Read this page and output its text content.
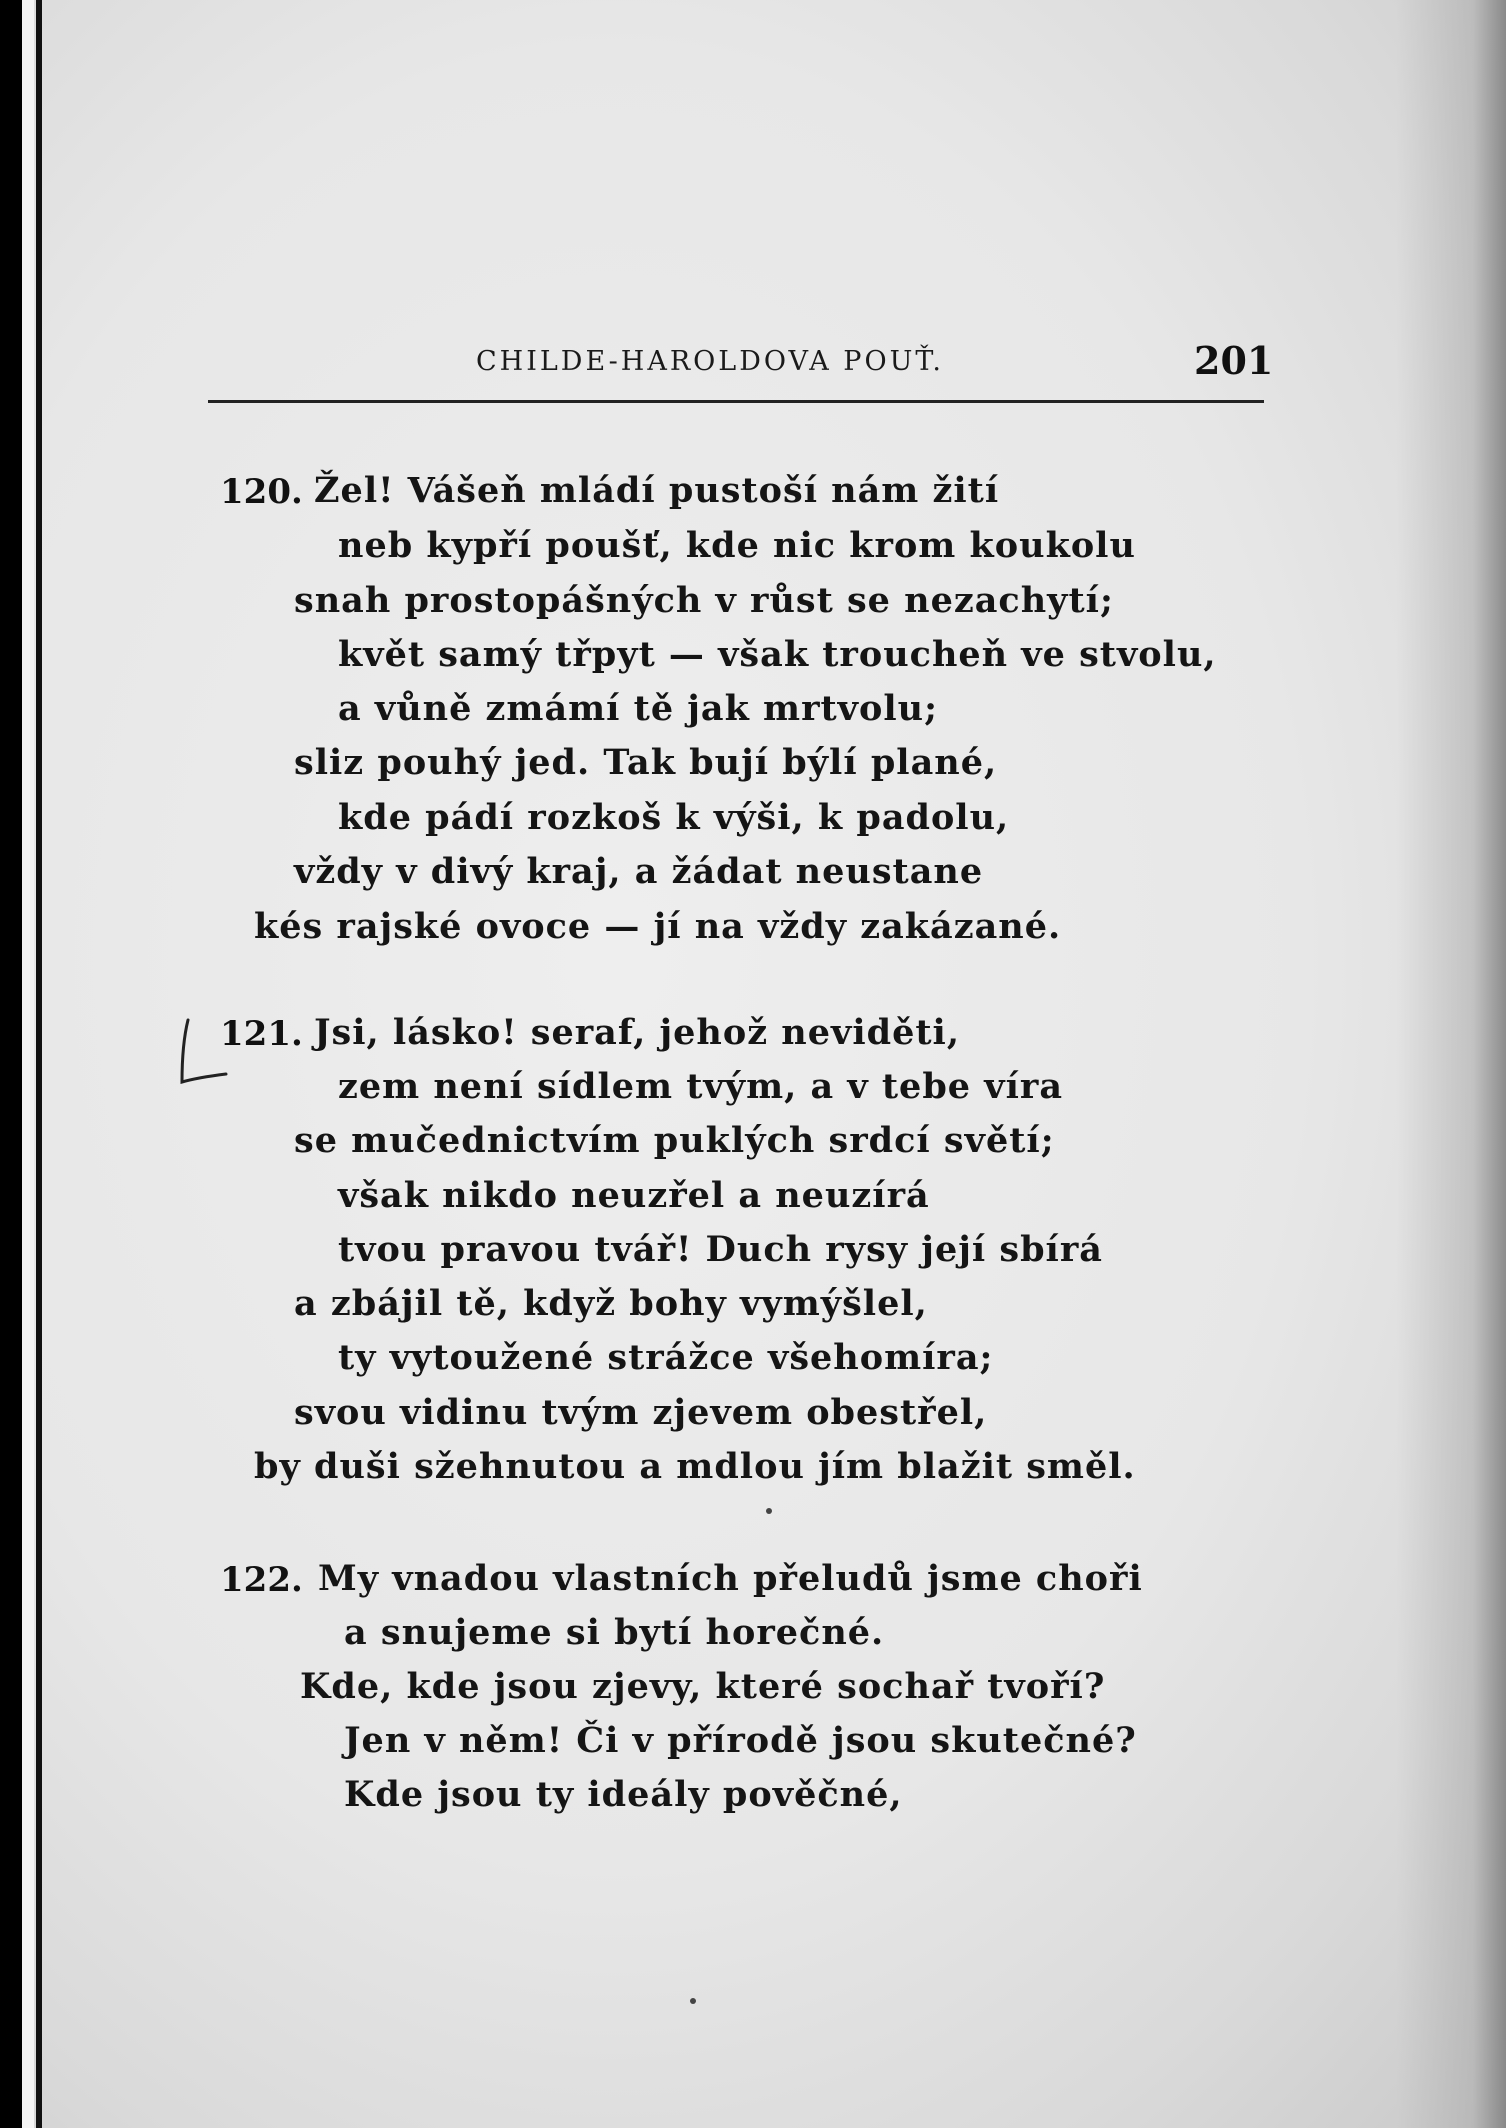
CHILDE-HAROLDOVA POUŤ.	201
120. Žel! Vášeň mládí pustoší nám žití
neb kypří poušť, kde nic krom koukolu
snah prostopášných v růst se nezachytí;
květ samý třpyt — však troucheň ve stvolu,
a vůně zmámí tě jak mrtvolu;
sliz pouhý jed. Tak bují býlí plané,
kde pádí rozkoš k výši, k padolu,
vždy v divý kraj, a žádat neustane
kés rajské ovoce — jí na vždy zakázané.
121. Jsi, lásko! seraf, jehož neviděti,
zem není sídlem tvým, a v tebe víra
se mučednictvím puklých srdcí světí;
však nikdo neuzřel a neuzírá
tvou pravou tvář! Duch rysy její sbírá
a zbájil tě, když bohy vymýšlel,
ty vytoužené strážce všehomíra;
svou vidinu tvým zjevem obestřel,
by duši sžehnutou a mdlou jím blažit směl.
122. My vnadou vlastních přeludů jsme choři
a snujeme si bytí horečné.
Kde, kde jsou zjevy, které sochař tvoří?
Jen v něm! Či v přírodě jsou skutečné?
Kde jsou ty ideály pověčné,
